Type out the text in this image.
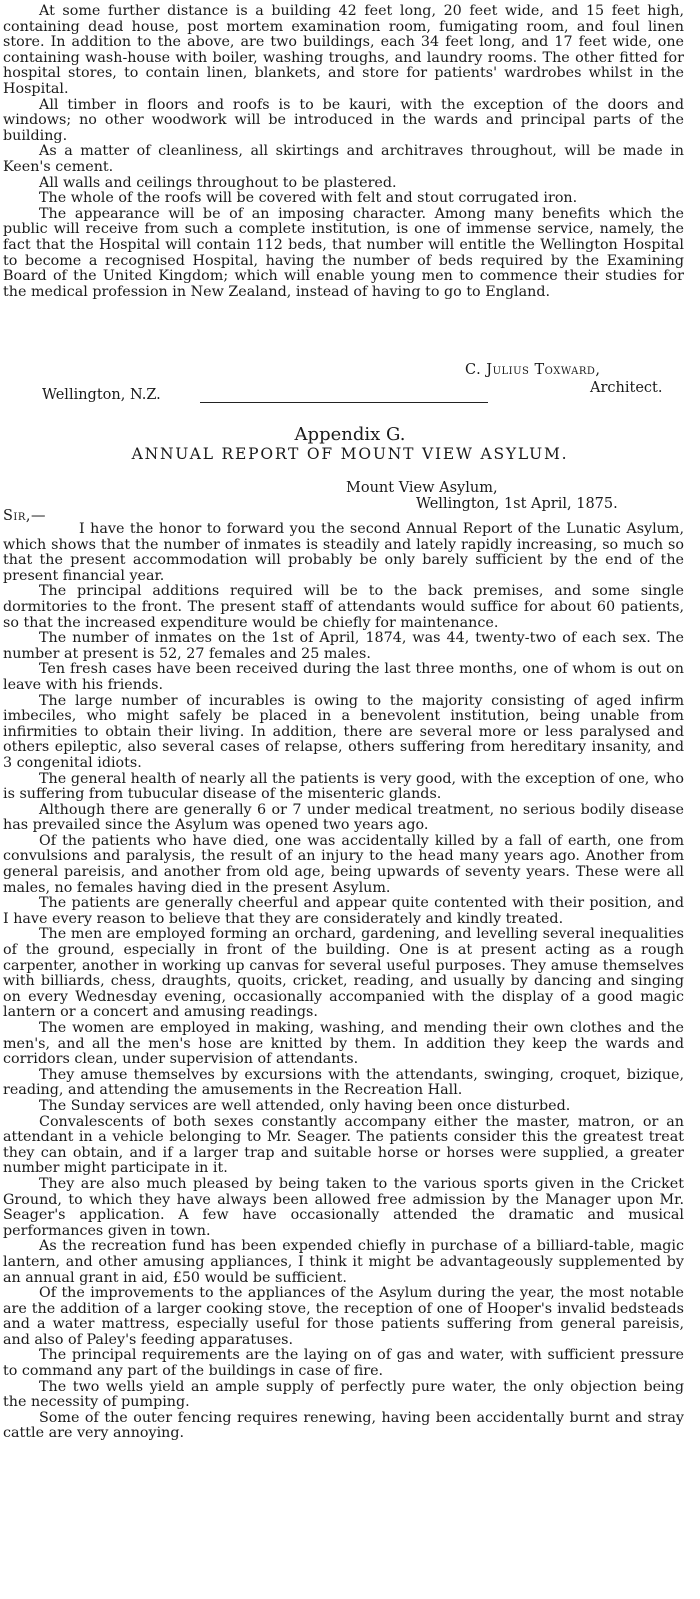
At some further distance is a building 42 feet long, 20 feet wide, and 15 feet high, containing dead house, post mortem examination room, fumigating room, and foul linen store. In addition to the above, are two buildings, each 34 feet long, and 17 feet wide, one containing wash-house with boiler, washing troughs, and laundry rooms. The other fitted for hospital stores, to contain linen, blankets, and store for patients' wardrobes whilst in the Hospital.

All timber in floors and roofs is to be kauri, with the exception of the doors and windows; no other woodwork will be introduced in the wards and principal parts of the building.

As a matter of cleanliness, all skirtings and architraves throughout, will be made in Keen's cement.

All walls and ceilings throughout to be plastered.

The whole of the roofs will be covered with felt and stout corrugated iron.

The appearance will be of an imposing character. Among many benefits which the public will receive from such a complete institution, is one of immense service, namely, the fact that the Hospital will contain 112 beds, that number will entitle the Wellington Hospital to become a recognised Hospital, having the number of beds required by the Examining Board of the United Kingdom; which will enable young men to commence their studies for the medical profession in New Zealand, instead of having to go to England.

C. Julius Toxward,
Architect.
Wellington, N.Z.
Appendix G.
ANNUAL REPORT OF MOUNT VIEW ASYLUM.
Mount View Asylum,
Wellington, 1st April, 1875.
Sir,—

I have the honor to forward you the second Annual Report of the Lunatic Asylum, which shows that the number of inmates is steadily and lately rapidly increasing, so much so that the present accommodation will probably be only barely sufficient by the end of the present financial year.

The principal additions required will be to the back premises, and some single dormitories to the front. The present staff of attendants would suffice for about 60 patients, so that the increased expenditure would be chiefly for maintenance.

The number of inmates on the 1st of April, 1874, was 44, twenty-two of each sex. The number at present is 52, 27 females and 25 males.

Ten fresh cases have been received during the last three months, one of whom is out on leave with his friends.

The large number of incurables is owing to the majority consisting of aged infirm imbeciles, who might safely be placed in a benevolent institution, being unable from infirmities to obtain their living. In addition, there are several more or less paralysed and others epileptic, also several cases of relapse, others suffering from hereditary insanity, and 3 congenital idiots.

The general health of nearly all the patients is very good, with the exception of one, who is suffering from tubucular disease of the misenteric glands.

Although there are generally 6 or 7 under medical treatment, no serious bodily disease has prevailed since the Asylum was opened two years ago.

Of the patients who have died, one was accidentally killed by a fall of earth, one from convulsions and paralysis, the result of an injury to the head many years ago. Another from general pareisis, and another from old age, being upwards of seventy years. These were all males, no females having died in the present Asylum.

The patients are generally cheerful and appear quite contented with their position, and I have every reason to believe that they are considerately and kindly treated.

The men are employed forming an orchard, gardening, and levelling several inequalities of the ground, especially in front of the building. One is at present acting as a rough carpenter, another in working up canvas for several useful purposes. They amuse themselves with billiards, chess, draughts, quoits, cricket, reading, and usually by dancing and singing on every Wednesday evening, occasionally accompanied with the display of a good magic lantern or a concert and amusing readings.

The women are employed in making, washing, and mending their own clothes and the men's, and all the men's hose are knitted by them. In addition they keep the wards and corridors clean, under supervision of attendants.

They amuse themselves by excursions with the attendants, swinging, croquet, bizique, reading, and attending the amusements in the Recreation Hall.

The Sunday services are well attended, only having been once disturbed.

Convalescents of both sexes constantly accompany either the master, matron, or an attendant in a vehicle belonging to Mr. Seager. The patients consider this the greatest treat they can obtain, and if a larger trap and suitable horse or horses were supplied, a greater number might participate in it.

They are also much pleased by being taken to the various sports given in the Cricket Ground, to which they have always been allowed free admission by the Manager upon Mr. Seager's application. A few have occasionally attended the dramatic and musical performances given in town.

As the recreation fund has been expended chiefly in purchase of a billiard-table, magic lantern, and other amusing appliances, I think it might be advantageously supplemented by an annual grant in aid, £50 would be sufficient.

Of the improvements to the appliances of the Asylum during the year, the most notable are the addition of a larger cooking stove, the reception of one of Hooper's invalid bedsteads and a water mattress, especially useful for those patients suffering from general pareisis, and also of Paley's feeding apparatuses.

The principal requirements are the laying on of gas and water, with sufficient pressure to command any part of the buildings in case of fire.

The two wells yield an ample supply of perfectly pure water, the only objection being the necessity of pumping.

Some of the outer fencing requires renewing, having been accidentally burnt and stray cattle are very annoying.
